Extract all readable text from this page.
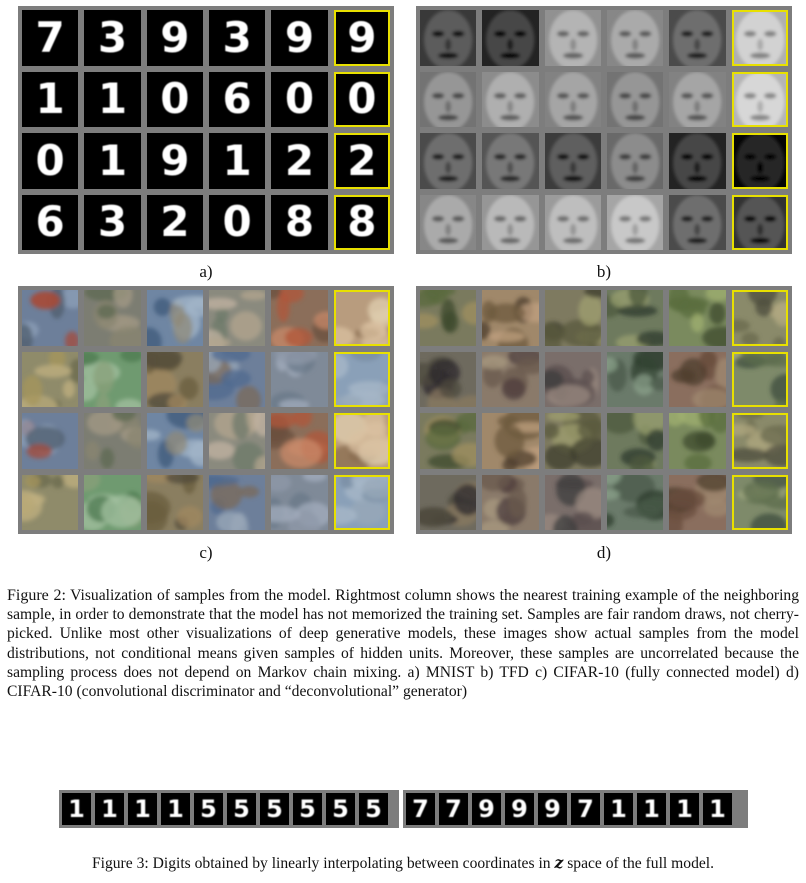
7 3 9 3 9 9
1 1 0 6 0 0
0 1 9 1 2 2
6 3 2 0 8 8
a)	b)
c)	d)
Figure 2: Visualization of samples from the model. Rightmost column shows the nearest training example of the neighboring sample, in order to demonstrate that the model has not memorized the training set. Samples are fair random draws, not cherry-picked. Unlike most other visualizations of deep generative models, these images show actual samples from the model distributions, not conditional means given samples of hidden units. Moreover, these samples are uncorrelated because the sampling process does not depend on Markov chain mixing. a) MNIST b) TFD c) CIFAR-10 (fully connected model) d) CIFAR-10 (convolutional discriminator and “deconvolutional” generator)
1 1 1 1 5 5 5 5 5 5 7 7 9 9 9 7 1 1 1 1
Figure 3: Digits obtained by linearly interpolating between coordinates in z space of the full model.
